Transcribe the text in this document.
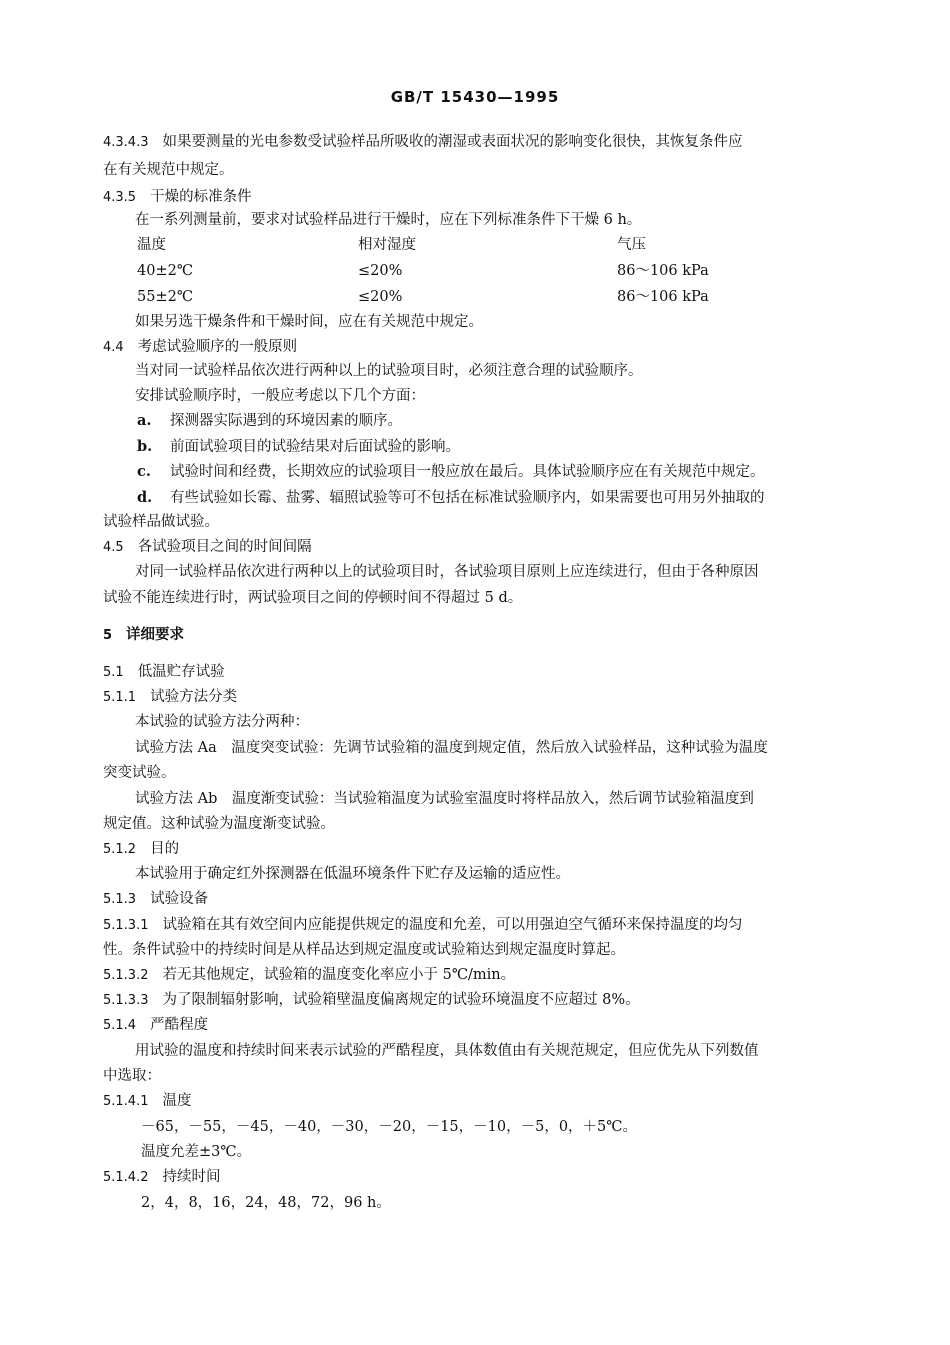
GB/T 15430—1995
4.3.4.3 如果要测量的光电参数受试验样品所吸收的潮湿或表面状况的影响变化很快，其恢复条件应
在有关规范中规定。
4.3.5 干燥的标准条件
在一系列测量前，要求对试验样品进行干燥时，应在下列标准条件下干燥 6 h。
温度	相对湿度	气压
40±2℃	≤20%	86～106 kPa
55±2℃	≤20%	86～106 kPa
如果另选干燥条件和干燥时间，应在有关规范中规定。
4.4 考虑试验顺序的一般原则
当对同一试验样品依次进行两种以上的试验项目时，必须注意合理的试验顺序。
安排试验顺序时，一般应考虑以下几个方面：
a. 探测器实际遇到的环境因素的顺序。
b. 前面试验项目的试验结果对后面试验的影响。
c. 试验时间和经费，长期效应的试验项目一般应放在最后。具体试验顺序应在有关规范中规定。
d. 有些试验如长霉、盐雾、辐照试验等可不包括在标准试验顺序内，如果需要也可用另外抽取的
试验样品做试验。
4.5 各试验项目之间的时间间隔
对同一试验样品依次进行两种以上的试验项目时，各试验项目原则上应连续进行，但由于各种原因
试验不能连续进行时，两试验项目之间的停顿时间不得超过 5 d。
5 详细要求
5.1 低温贮存试验
5.1.1 试验方法分类
本试验的试验方法分两种：
试验方法 Aa　温度突变试验：先调节试验箱的温度到规定值，然后放入试验样品，这种试验为温度
突变试验。
试验方法 Ab　温度渐变试验：当试验箱温度为试验室温度时将样品放入，然后调节试验箱温度到
规定值。这种试验为温度渐变试验。
5.1.2 目的
本试验用于确定红外探测器在低温环境条件下贮存及运输的适应性。
5.1.3 试验设备
5.1.3.1 试验箱在其有效空间内应能提供规定的温度和允差，可以用强迫空气循环来保持温度的均匀
性。条件试验中的持续时间是从样品达到规定温度或试验箱达到规定温度时算起。
5.1.3.2 若无其他规定，试验箱的温度变化率应小于 5℃/min。
5.1.3.3 为了限制辐射影响，试验箱壁温度偏离规定的试验环境温度不应超过 8%。
5.1.4 严酷程度
用试验的温度和持续时间来表示试验的严酷程度，具体数值由有关规范规定，但应优先从下列数值
中选取：
5.1.4.1 温度
－65，－55，－45，－40，－30，－20，－15，－10，－5，0，＋5℃。
温度允差±3℃。
5.1.4.2 持续时间
2，4，8，16，24，48，72，96 h。
